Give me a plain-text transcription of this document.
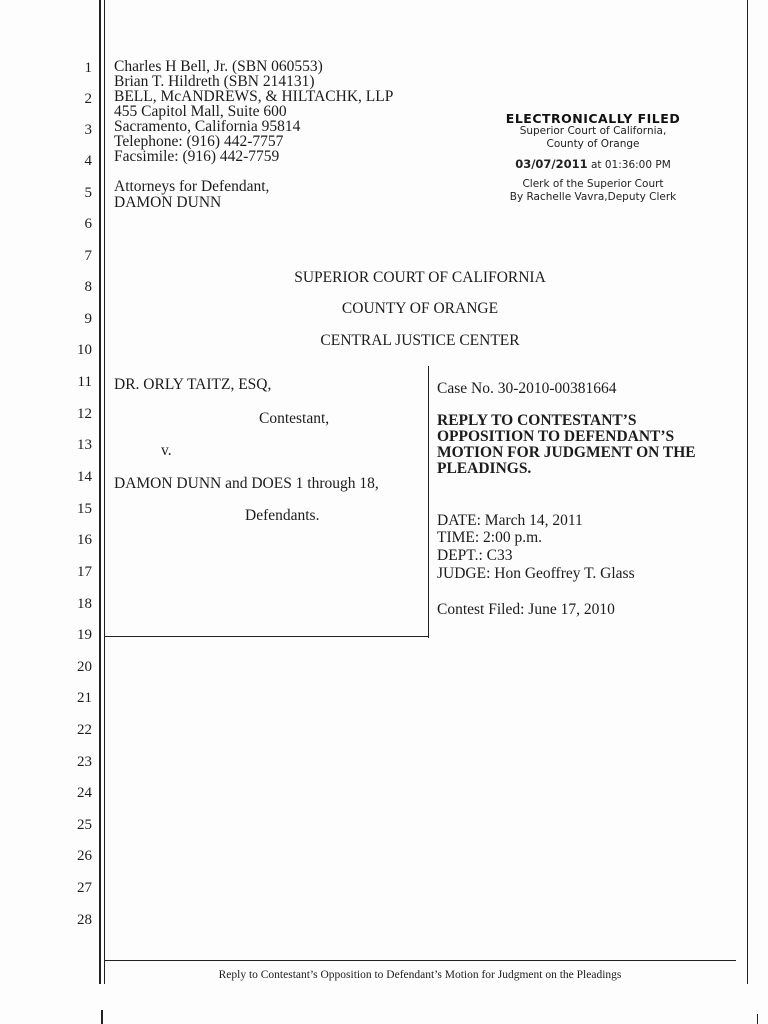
1
2
3
4
5
6
7
8
9
10
11
12
13
14
15
16
17
18
19
20
21
22
23
24
25
26
27
28
Charles H Bell, Jr. (SBN 060553)
Brian T. Hildreth (SBN 214131)
BELL, McANDREWS, & HILTACHK, LLP
455 Capitol Mall, Suite 600
Sacramento, California 95814
Telephone: (916) 442-7757
Facsimile: (916) 442-7759
Attorneys for Defendant,
DAMON DUNN
ELECTRONICALLY FILED
Superior Court of California,
County of Orange
03/07/2011 at 01:36:00 PM
Clerk of the Superior Court
By Rachelle Vavra,Deputy Clerk
SUPERIOR COURT OF CALIFORNIA
COUNTY OF ORANGE
CENTRAL JUSTICE CENTER
DR. ORLY TAITZ, ESQ,
Contestant,
v.
DAMON DUNN and DOES 1 through 18,
Defendants.
Case No. 30-2010-00381664
REPLY TO CONTESTANT’S
OPPOSITION TO DEFENDANT’S
MOTION FOR JUDGMENT ON THE
PLEADINGS.
DATE: March 14, 2011
TIME: 2:00 p.m.
DEPT.: C33
JUDGE: Hon Geoffrey T. Glass
Contest Filed: June 17, 2010
Reply to Contestant’s Opposition to Defendant’s Motion for Judgment on the Pleadings
